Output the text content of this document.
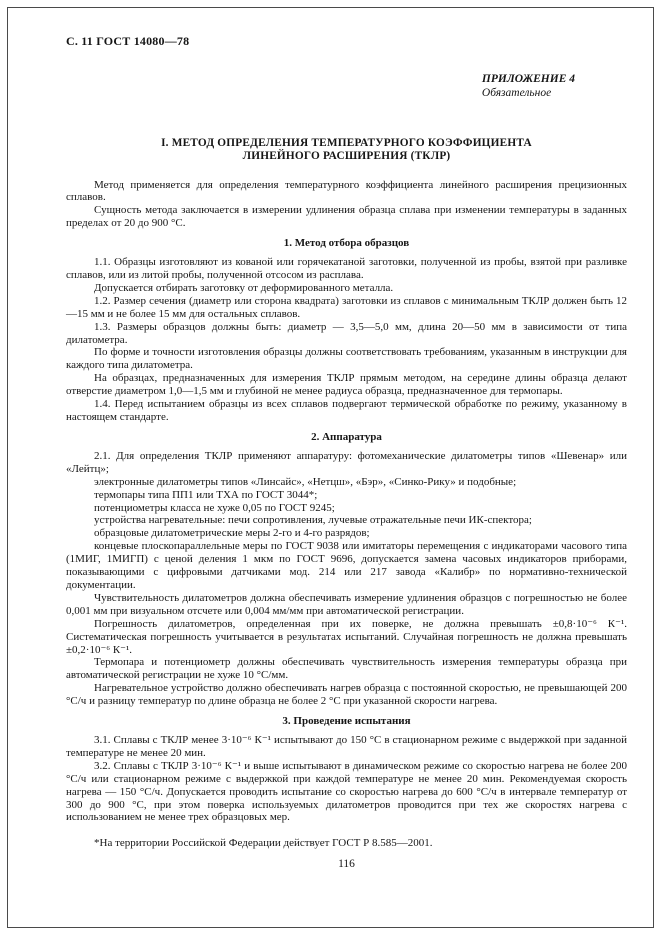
С. 11 ГОСТ 14080—78
ПРИЛОЖЕНИЕ 4
Обязательное
I. МЕТОД ОПРЕДЕЛЕНИЯ ТЕМПЕРАТУРНОГО КОЭФФИЦИЕНТА
ЛИНЕЙНОГО РАСШИРЕНИЯ (ТКЛР)

Метод применяется для определения температурного коэффициента линейного расширения прецизионных сплавов.

Сущность метода заключается в измерении удлинения образца сплава при изменении температуры в заданных пределах от 20 до 900 °С.

1. Метод отбора образцов

1.1. Образцы изготовляют из кованой или горячекатаной заготовки, полученной из пробы, взятой при разливке сплавов, или из литой пробы, полученной отсосом из расплава.

Допускается отбирать заготовку от деформированного металла.

1.2. Размер сечения (диаметр или сторона квадрата) заготовки из сплавов с минимальным ТКЛР должен быть 12—15 мм и не более 15 мм для остальных сплавов.

1.3. Размеры образцов должны быть: диаметр — 3,5—5,0 мм, длина 20—50 мм в зависимости от типа дилатометра.

По форме и точности изготовления образцы должны соответствовать требованиям, указанным в инструкции для каждого типа дилатометра.

На образцах, предназначенных для измерения ТКЛР прямым методом, на середине длины образца делают отверстие диаметром 1,0—1,5 мм и глубиной не менее радиуса образца, предназначенное для термопары.

1.4. Перед испытанием образцы из всех сплавов подвергают термической обработке по режиму, указанному в настоящем стандарте.

2. Аппаратура

2.1. Для определения ТКЛР применяют аппаратуру: фотомеханические дилатометры типов «Шевенар» или «Лейтц»;

электронные дилатометры типов «Линсайс», «Нетцш», «Бэр», «Синко-Рику» и подобные;

термопары типа ПП1 или ТХА по ГОСТ 3044*;

потенциометры класса не хуже 0,05 по ГОСТ 9245;

устройства нагревательные: печи сопротивления, лучевые отражательные печи ИК-спектора;

образцовые дилатометрические меры 2-го и 4-го разрядов;

концевые плоскопараллельные меры по ГОСТ 9038 или имитаторы перемещения с индикаторами часового типа (1МИГ, 1МИГП) с ценой деления 1 мкм по ГОСТ 9696, допускается замена часовых индикаторов приборами, показывающими с цифровыми датчиками мод. 214 или 217 завода «Калибр» по нормативно-технической документации.

Чувствительность дилатометров должна обеспечивать измерение удлинения образцов с погрешностью не более 0,001 мм при визуальном отсчете или 0,004 мм/мм при автоматической регистрации.

Погрешность дилатометров, определенная при их поверке, не должна превышать ±0,8·10⁻⁶ К⁻¹. Систематическая погрешность учитывается в результатах испытаний. Случайная погрешность не должна превышать ±0,2·10⁻⁶ К⁻¹.

Термопара и потенциометр должны обеспечивать чувствительность измерения температуры образца при автоматической регистрации не хуже 10 °С/мм.

Нагревательное устройство должно обеспечивать нагрев образца с постоянной скоростью, не превышающей 200 °С/ч и разницу температур по длине образца не более 2 °С при указанной скорости нагрева.

3. Проведение испытания

3.1. Сплавы с ТКЛР менее 3·10⁻⁶ К⁻¹ испытывают до 150 °С в стационарном режиме с выдержкой при заданной температуре не менее 20 мин.

3.2. Сплавы с ТКЛР 3·10⁻⁶ К⁻¹ и выше испытывают в динамическом режиме со скоростью нагрева не более 200 °С/ч или стационарном режиме с выдержкой при каждой температуре не менее 20 мин. Рекомендуемая скорость нагрева — 150 °С/ч. Допускается проводить испытание со скоростью нагрева до 600 °С/ч в интервале температур от 300 до 900 °С, при этом поверка используемых дилатометров проводится при тех же скоростях нагрева с использованием не менее трех образцовых мер.

*На территории Российской Федерации действует ГОСТ Р 8.585—2001.

116
